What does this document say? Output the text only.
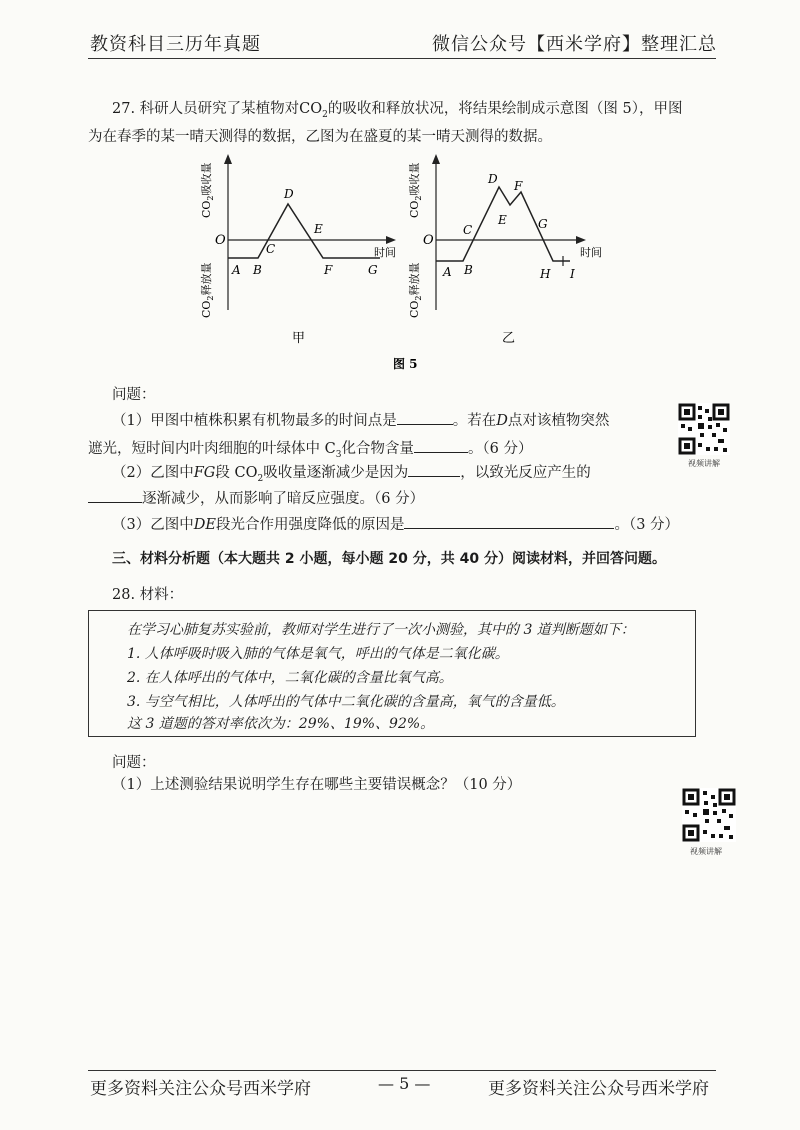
教资科目三历年真题	微信公众号【西米学府】整理汇总
27. 科研人员研究了某植物对$CO_2$的吸收和释放状况，将结果绘制成示意图（图 5），甲图
为在春季的某一晴天测得的数据，乙图为在盛夏的某一晴天测得的数据。
O
A B
C
D
E
F	G
时间
$CO_2$吸收量
$CO_2$释放量
甲
A B
C
D
E
F
G
H I
O
时间
$CO_2$吸收量
$CO_2$释放量
乙
图 5
问题：
（1）甲图中植株积累有机物最多的时间点是	。若在D点对该植物突然
遮光，短时间内叶肉细胞的叶绿体中 $C_3$化合物含量	。（6 分）
（2）乙图中FG段 $CO_2$吸收量逐渐减少是因为	，以致光反应产生的
逐渐减少，从而影响了暗反应强度。（6 分）
（3）乙图中DE段光合作用强度降低的原因是	。（3 分）
视频讲解
三、材料分析题（本大题共 2 小题，每小题 20 分，共 40 分）阅读材料，并回答问题。
28. 材料：
在学习心肺复苏实验前，教师对学生进行了一次小测验，其中的 3 道判断题如下：
1. 人体呼吸时吸入肺的气体是氧气，呼出的气体是二氧化碳。
2. 在人体呼出的气体中，二氧化碳的含量比氧气高。
3. 与空气相比，人体呼出的气体中二氧化碳的含量高，氧气的含量低。
这 3 道题的答对率依次为：29%、19%、92%。
问题：
（1）上述测验结果说明学生存在哪些主要错误概念？（10 分）
视频讲解
更多资料关注公众号西米学府	— 5 —	更多资料关注公众号西米学府
